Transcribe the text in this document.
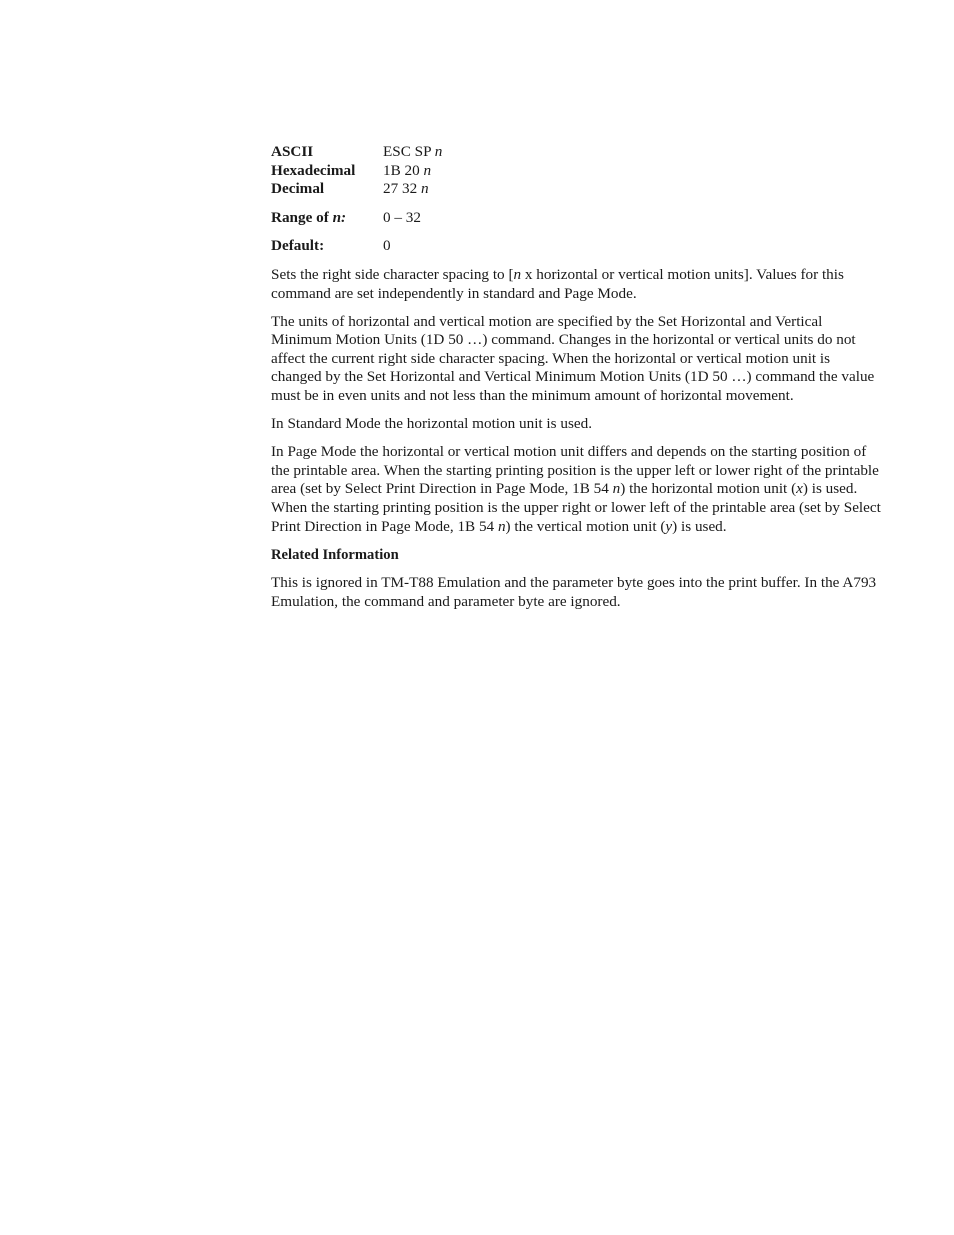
ASCII	ESC SP n
Hexadecimal	1B 20 n
Decimal	27 32 n
Range of n:	0 – 32
Default:	0

Sets the right side character spacing to [n x horizontal or vertical motion units]. Values for this command are set independently in standard and Page Mode.

The units of horizontal and vertical motion are specified by the Set Horizontal and Vertical Minimum Motion Units (1D 50 …) command. Changes in the horizontal or vertical units do not affect the current right side character spacing. When the horizontal or vertical motion unit is changed by the Set Horizontal and Vertical Minimum Motion Units (1D 50 …) command the value must be in even units and not less than the minimum amount of horizontal movement.

In Standard Mode the horizontal motion unit is used.

In Page Mode the horizontal or vertical motion unit differs and depends on the starting position of the printable area. When the starting printing position is the upper left or lower right of the printable area (set by Select Print Direction in Page Mode, 1B 54 n) the horizontal motion unit (x) is used. When the starting printing position is the upper right or lower left of the printable area (set by Select Print Direction in Page Mode, 1B 54 n) the vertical motion unit (y) is used.

Related Information

This is ignored in TM-T88 Emulation and the parameter byte goes into the print buffer. In the A793 Emulation, the command and parameter byte are ignored.
